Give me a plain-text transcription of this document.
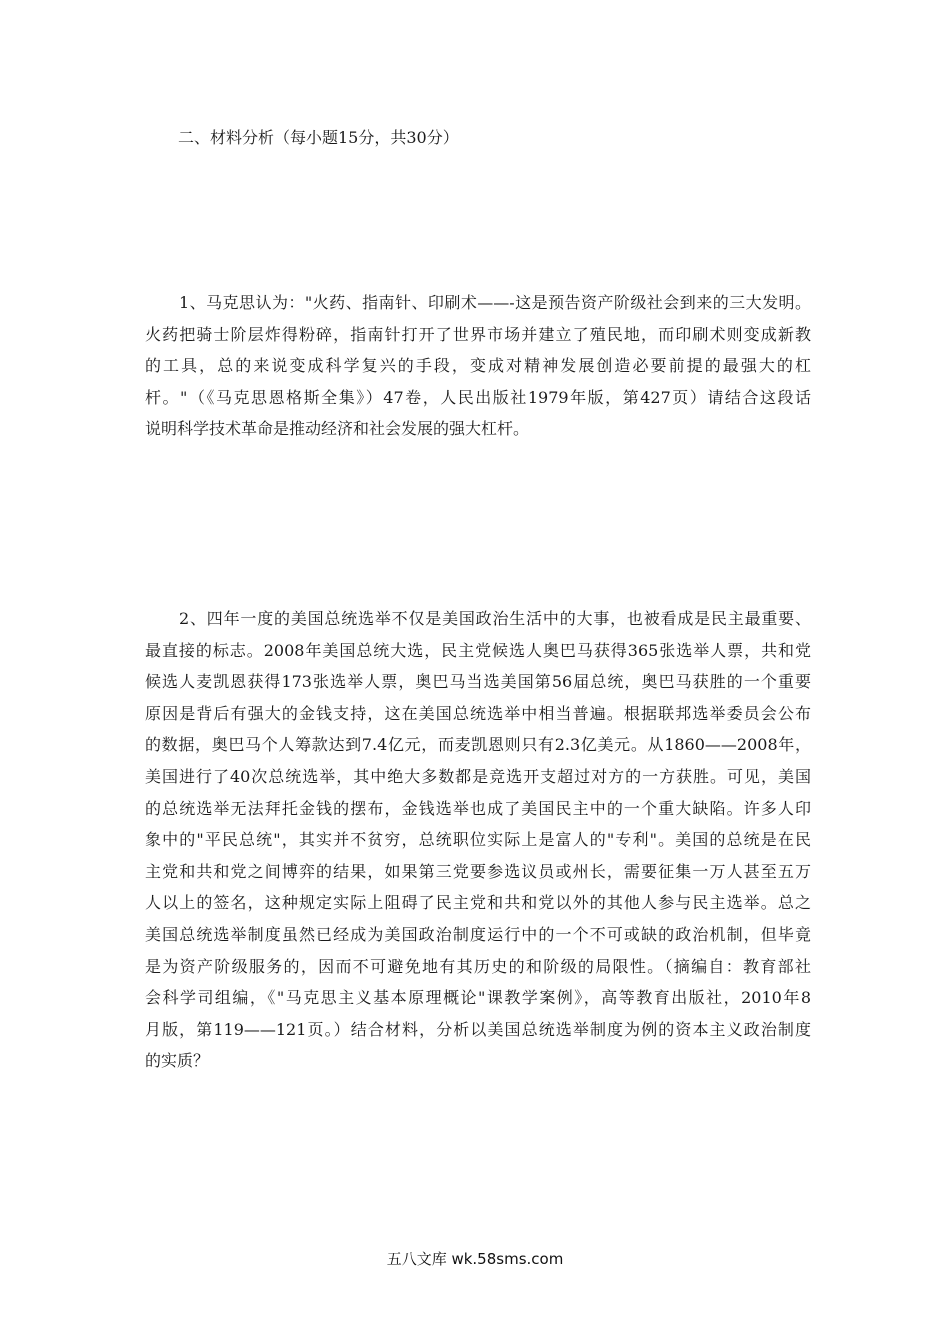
二、材料分析（每小题15分，共30分）
1、马克思认为："火药、指南针、印刷术——-这是预告资产阶级社会到来的三大发明。
火药把骑士阶层炸得粉碎，指南针打开了世界市场并建立了殖民地，而印刷术则变成新教
的工具，总的来说变成科学复兴的手段，变成对精神发展创造必要前提的最强大的杠
杆。"（《马克思恩格斯全集》）47卷，人民出版社1979年版，第427页）请结合这段话
说明科学技术革命是推动经济和社会发展的强大杠杆。
2、四年一度的美国总统选举不仅是美国政治生活中的大事，也被看成是民主最重要、
最直接的标志。2008年美国总统大选，民主党候选人奥巴马获得365张选举人票，共和党
候选人麦凯恩获得173张选举人票，奥巴马当选美国第56届总统，奥巴马获胜的一个重要
原因是背后有强大的金钱支持，这在美国总统选举中相当普遍。根据联邦选举委员会公布
的数据，奥巴马个人筹款达到7.4亿元，而麦凯恩则只有2.3亿美元。从1860——2008年，
美国进行了40次总统选举，其中绝大多数都是竞选开支超过对方的一方获胜。可见，美国
的总统选举无法拜托金钱的摆布，金钱选举也成了美国民主中的一个重大缺陷。许多人印
象中的"平民总统"，其实并不贫穷，总统职位实际上是富人的"专利"。美国的总统是在民
主党和共和党之间博弈的结果，如果第三党要参选议员或州长，需要征集一万人甚至五万
人以上的签名，这种规定实际上阻碍了民主党和共和党以外的其他人参与民主选举。总之
美国总统选举制度虽然已经成为美国政治制度运行中的一个不可或缺的政治机制，但毕竟
是为资产阶级服务的，因而不可避免地有其历史的和阶级的局限性。（摘编自：教育部社
会科学司组编，《"马克思主义基本原理概论"课教学案例》，高等教育出版社，2010年8
月版，第119——121页。）结合材料，分析以美国总统选举制度为例的资本主义政治制度
的实质？
五八文库 wk.58sms.com
